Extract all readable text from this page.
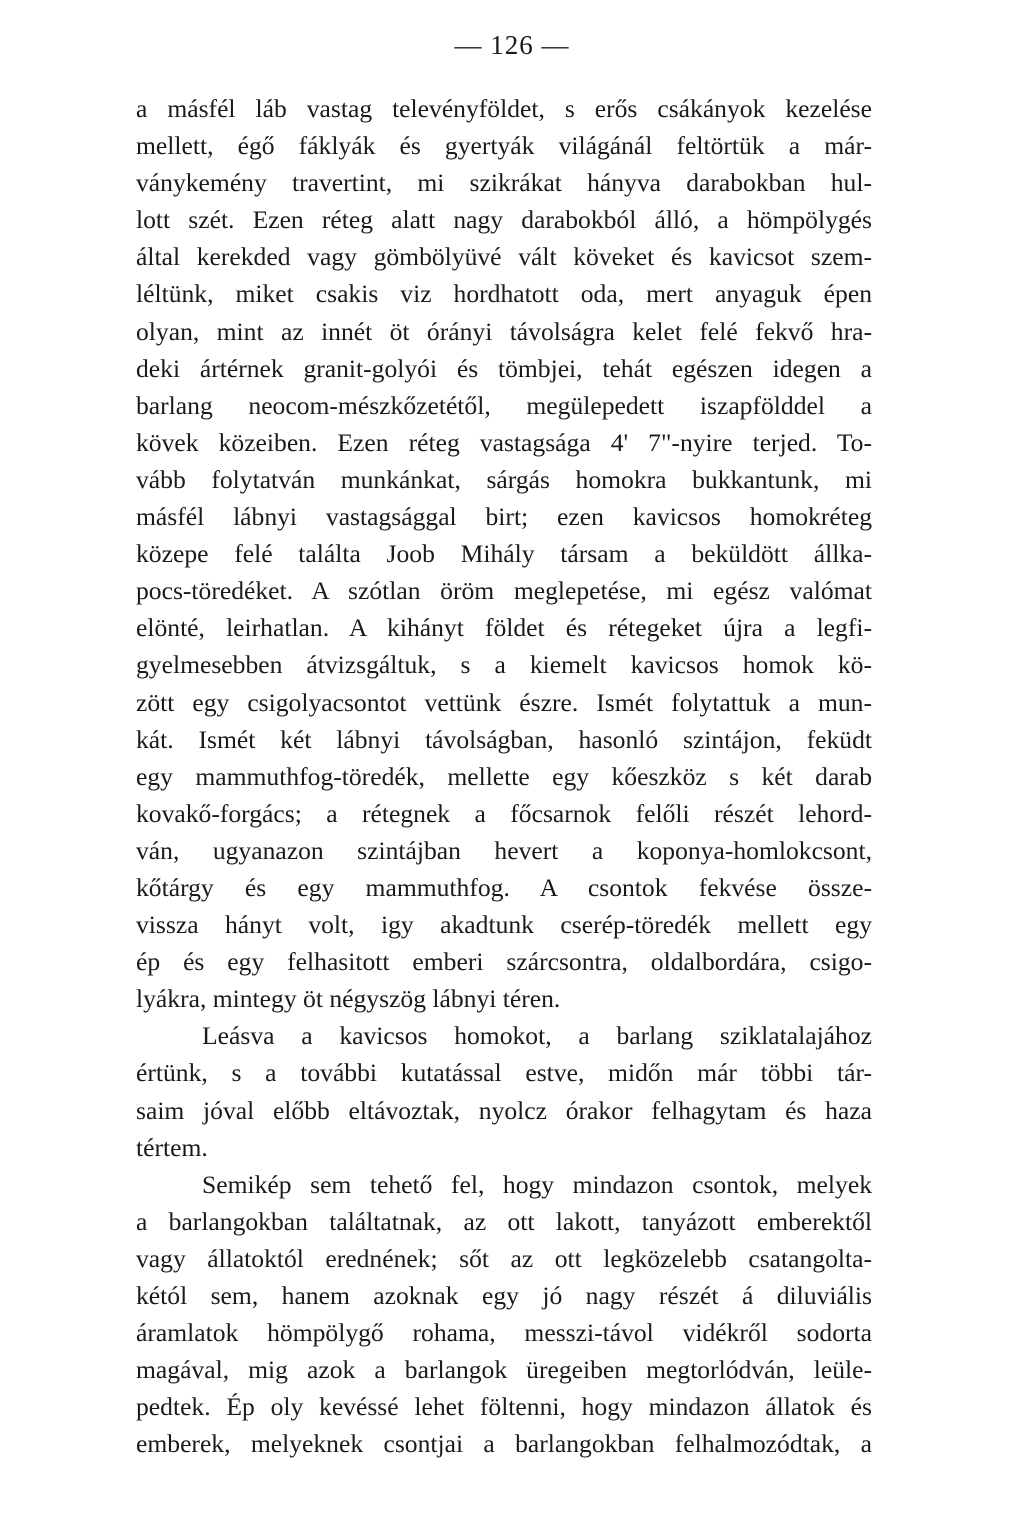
— 126 —

a másfél láb vastag televényföldet, s erős csákányok kezelése
mellett, égő fáklyák és gyertyák világánál feltörtük a már-
ványkemény travertint, mi szikrákat hányva darabokban hul-
lott szét. Ezen réteg alatt nagy darabokból álló, a hömpölygés
által kerekded vagy gömbölyüvé vált köveket és kavicsot szem-
léltünk, miket csakis viz hordhatott oda, mert anyaguk épen
olyan, mint az innét öt órányi távolságra kelet felé fekvő hra-
deki ártérnek granit-golyói és tömbjei, tehát egészen idegen a
barlang neocom-mészkőzetétől, megülepedett iszapfölddel a
kövek közeiben. Ezen réteg vastagsága 4' 7"-nyire terjed. To-
vább folytatván munkánkat, sárgás homokra bukkantunk, mi
másfél lábnyi vastagsággal birt; ezen kavicsos homokréteg
közepe felé találta Joob Mihály társam a beküldött állka-
pocs-töredéket. A szótlan öröm meglepetése, mi egész valómat
elönté, leirhatlan. A kihányt földet és rétegeket újra a legfi-
gyelmesebben átvizsgáltuk, s a kiemelt kavicsos homok kö-
zött egy csigolyacsontot vettünk észre. Ismét folytattuk a mun-
kát. Ismét két lábnyi távolságban, hasonló szintájon, feküdt
egy mammuthfog-töredék, mellette egy kőeszköz s két darab
kovakő-forgács; a rétegnek a főcsarnok felőli részét lehord-
ván, ugyanazon szintájban hevert a koponya-homlokcsont,
kőtárgy és egy mammuthfog. A csontok fekvése össze-
vissza hányt volt, igy akadtunk cserép-töredék mellett egy
ép és egy felhasitott emberi szárcsontra, oldalbordára, csigo-
lyákra, mintegy öt négyszög lábnyi téren.

Leásva a kavicsos homokot, a barlang sziklatalajához
értünk, s a további kutatással estve, midőn már többi tár-
saim jóval előbb eltávoztak, nyolcz órakor felhagytam és haza
tértem.

Semikép sem tehető fel, hogy mindazon csontok, melyek
a barlangokban találtatnak, az ott lakott, tanyázott emberektől
vagy állatoktól erednének; sőt az ott legközelebb csatangolta-
kétól sem, hanem azoknak egy jó nagy részét á diluviális
áramlatok hömpölygő rohama, messzi-távol vidékről sodorta
magával, mig azok a barlangok üregeiben megtorlódván, leüle-
pedtek. Ép oly kevéssé lehet föltenni, hogy mindazon állatok és
emberek, melyeknek csontjai a barlangokban felhalmozódtak, a
